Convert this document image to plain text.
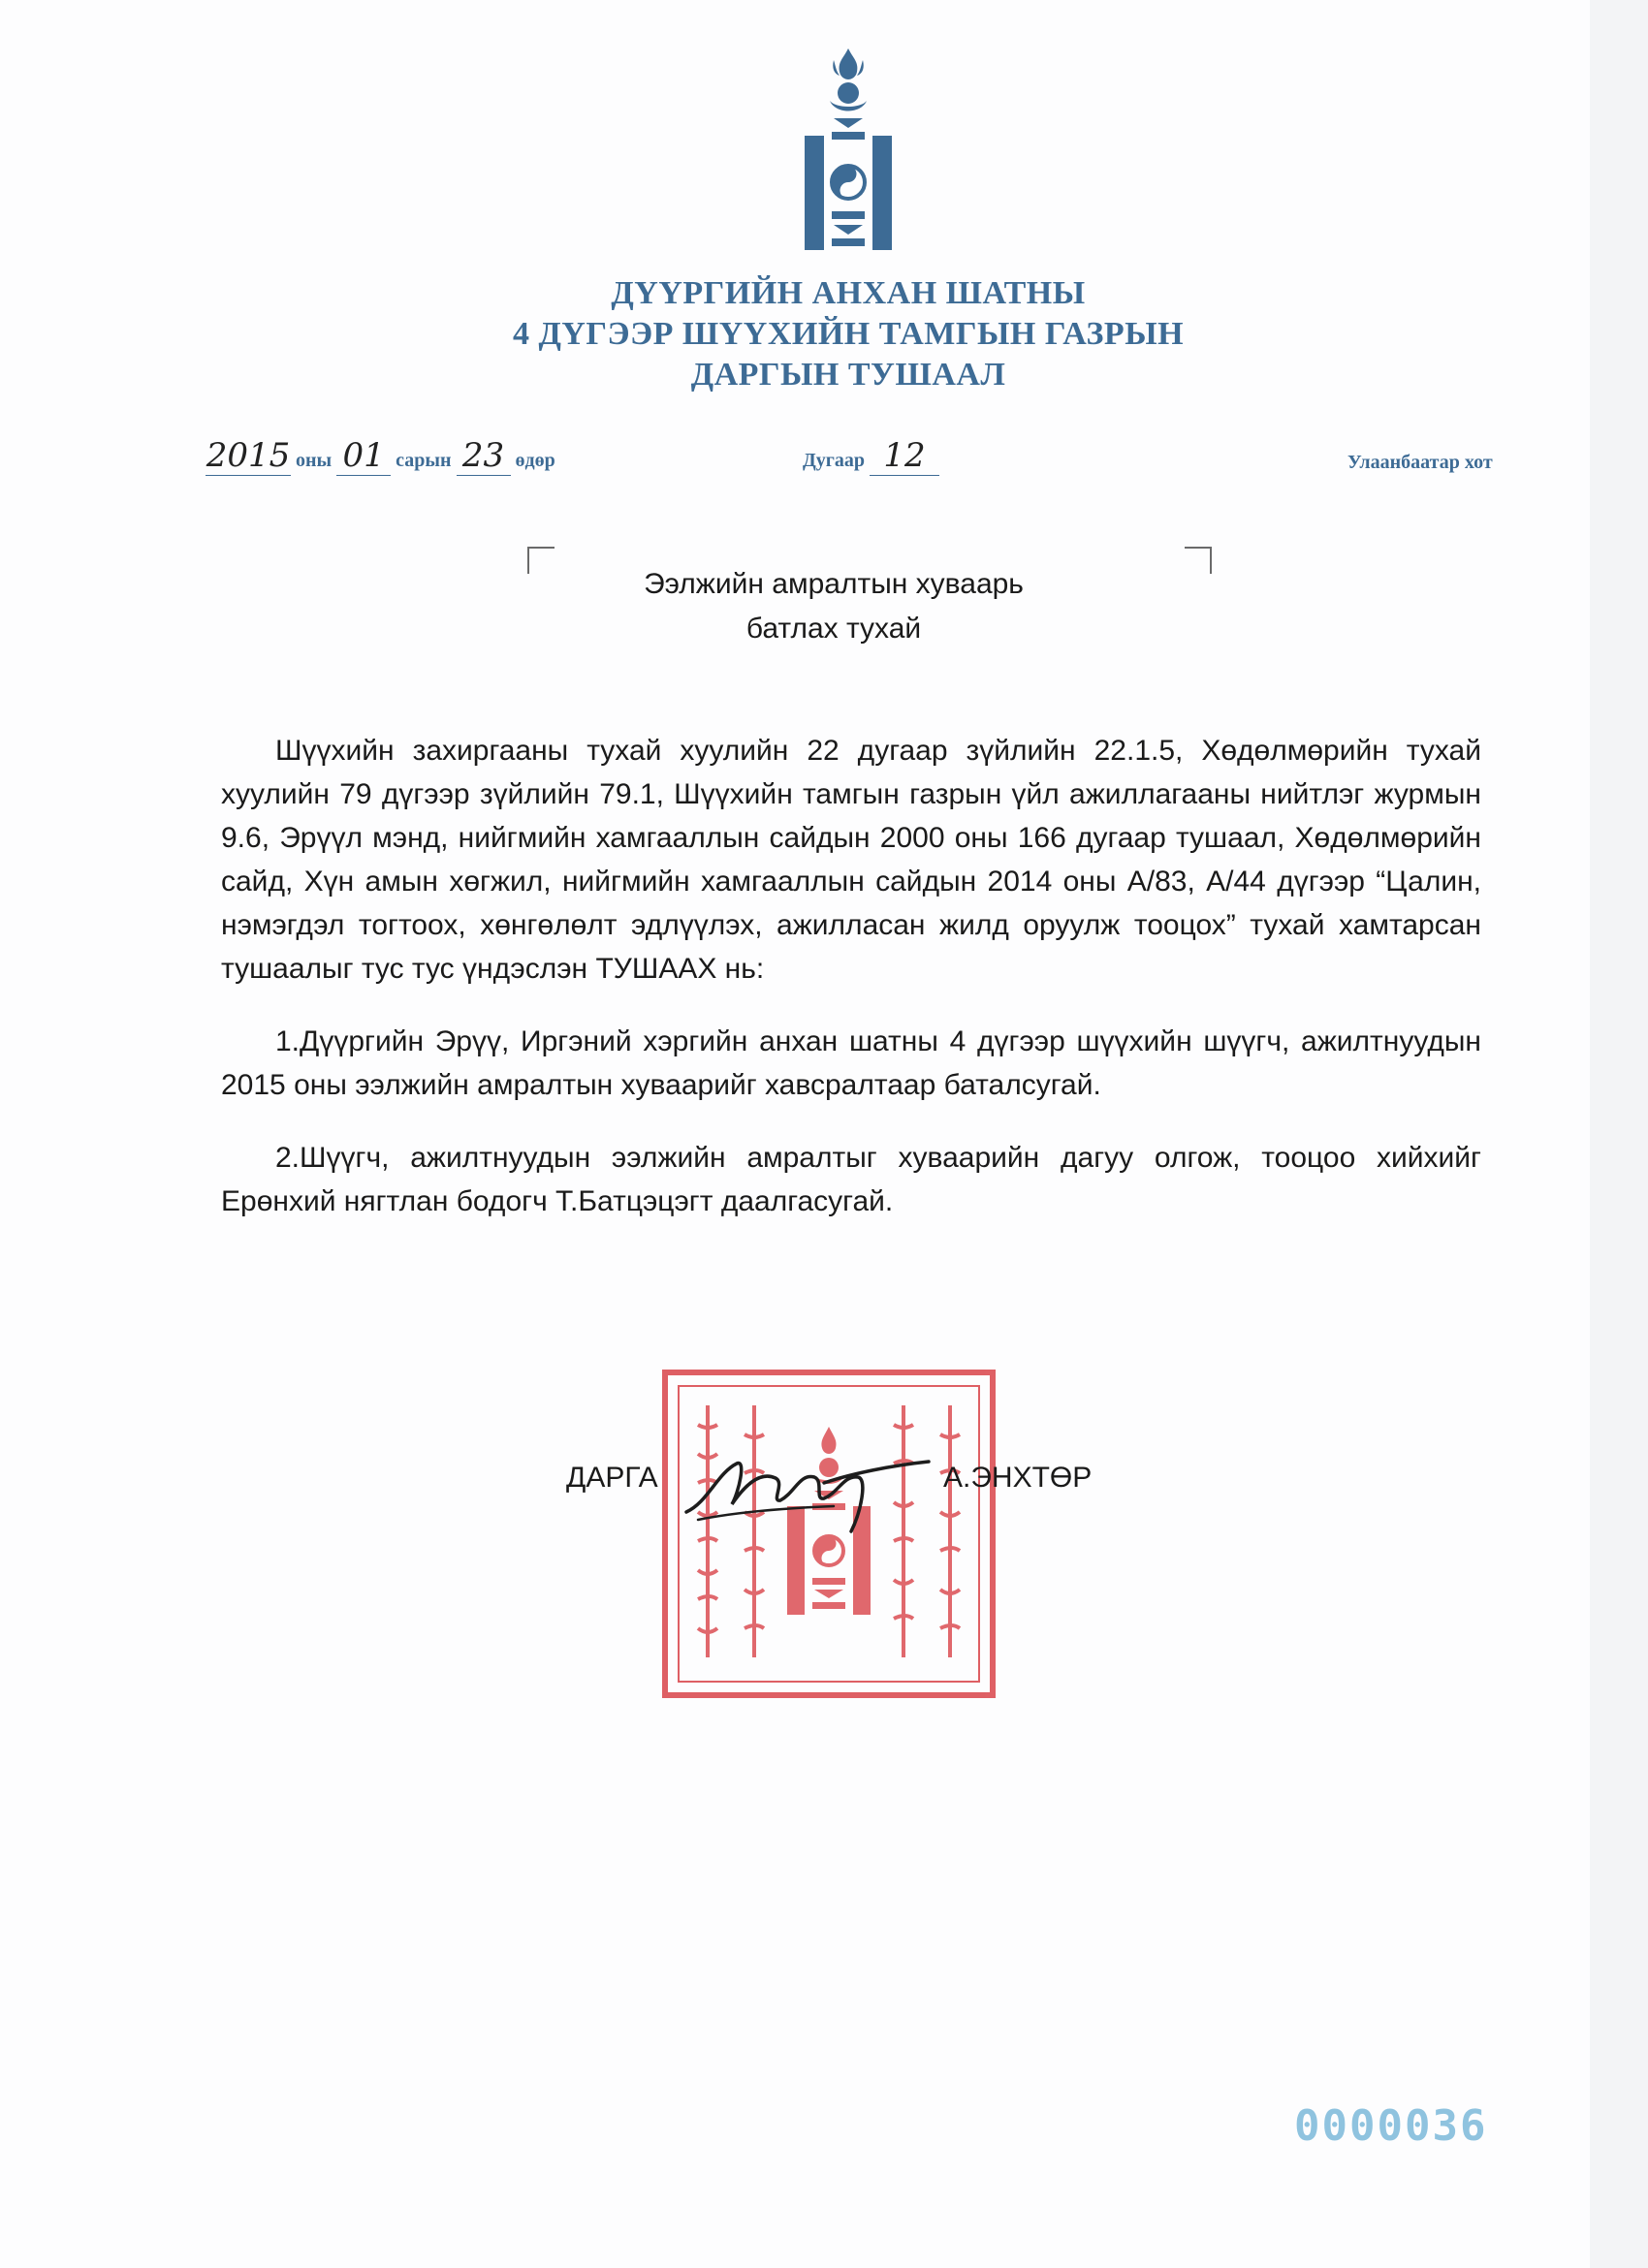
ДҮҮРГИЙН АНХАН ШАТНЫ
4 ДҮГЭЭР ШҮҮХИЙН ТАМГЫН ГАЗРЫН
ДАРГЫН ТУШААЛ
2015 оны 01 сарын 23 өдөр	Дугаар 12	Улаанбаатар хот
Ээлжийн амралтын хуваарь
батлах тухай

Шүүхийн захиргааны тухай хуулийн 22 дугаар зүйлийн 22.1.5, Хөдөлмөрийн тухай хуулийн 79 дүгээр зүйлийн 79.1, Шүүхийн тамгын газрын үйл ажиллагааны нийтлэг журмын 9.6, Эрүүл мэнд, нийгмийн хамгааллын сайдын 2000 оны 166 дугаар тушаал, Хөдөлмөрийн сайд, Хүн амын хөгжил, нийгмийн хамгааллын сайдын 2014 оны А/83, А/44 дүгээр “Цалин, нэмэгдэл тогтоох, хөнгөлөлт эдлүүлэх, ажилласан жилд оруулж тооцох” тухай хамтарсан тушаалыг тус тус үндэслэн ТУШААХ нь:

1.Дүүргийн Эрүү, Иргэний хэргийн анхан шатны 4 дүгээр шүүхийн шүүгч, ажилтнуудын 2015 оны ээлжийн амралтын хуваарийг хавсралтаар баталсугай.

2.Шүүгч, ажилтнуудын ээлжийн амралтыг хуваарийн дагуу олгож, тооцоо хийхийг Ерөнхий нягтлан бодогч Т.Батцэцэгт даалгасугай.

ДАРГА	А.ЭНХТӨР
0000036
